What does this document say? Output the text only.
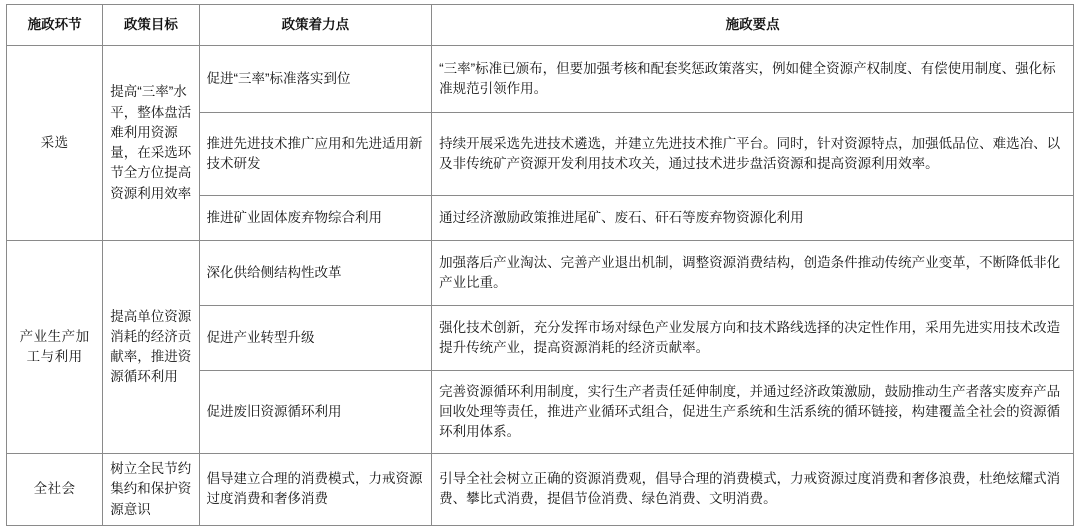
施政环节	政策目标	政策着力点	施政要点
采选	提高“三率”水平，整体盘活难利用资源量，在采选环节全方位提高资源利用效率	促进“三率”标准落实到位	“三率”标准已颁布，但要加强考核和配套奖惩政策落实，例如健全资源产权制度、有偿使用制度、强化标准规范引领作用。
		推进先进技术推广应用和先进适用新技术研发	持续开展采选先进技术遴选，并建立先进技术推广平台。同时，针对资源特点，加强低品位、难选冶、以及非传统矿产资源开发利用技术攻关，通过技术进步盘活资源和提高资源利用效率。
		推进矿业固体废弃物综合利用	通过经济激励政策推进尾矿、废石、矸石等废弃物资源化利用
产业生产加工与利用	提高单位资源消耗的经济贡献率，推进资源循环利用	深化供给侧结构性改革	加强落后产业淘汰、完善产业退出机制，调整资源消费结构，创造条件推动传统产业变革，不断降低非化产业比重。
		促进产业转型升级	强化技术创新，充分发挥市场对绿色产业发展方向和技术路线选择的决定性作用，采用先进实用技术改造提升传统产业，提高资源消耗的经济贡献率。
		促进废旧资源循环利用	完善资源循环利用制度，实行生产者责任延伸制度，并通过经济政策激励，鼓励推动生产者落实废弃产品回收处理等责任，推进产业循环式组合，促进生产系统和生活系统的循环链接，构建覆盖全社会的资源循环利用体系。
全社会	树立全民节约集约和保护资源意识	倡导建立合理的消费模式，力戒资源过度消费和奢侈消费	引导全社会树立正确的资源消费观，倡导合理的消费模式，力戒资源过度消费和奢侈浪费，杜绝炫耀式消费、攀比式消费，提倡节俭消费、绿色消费、文明消费。
